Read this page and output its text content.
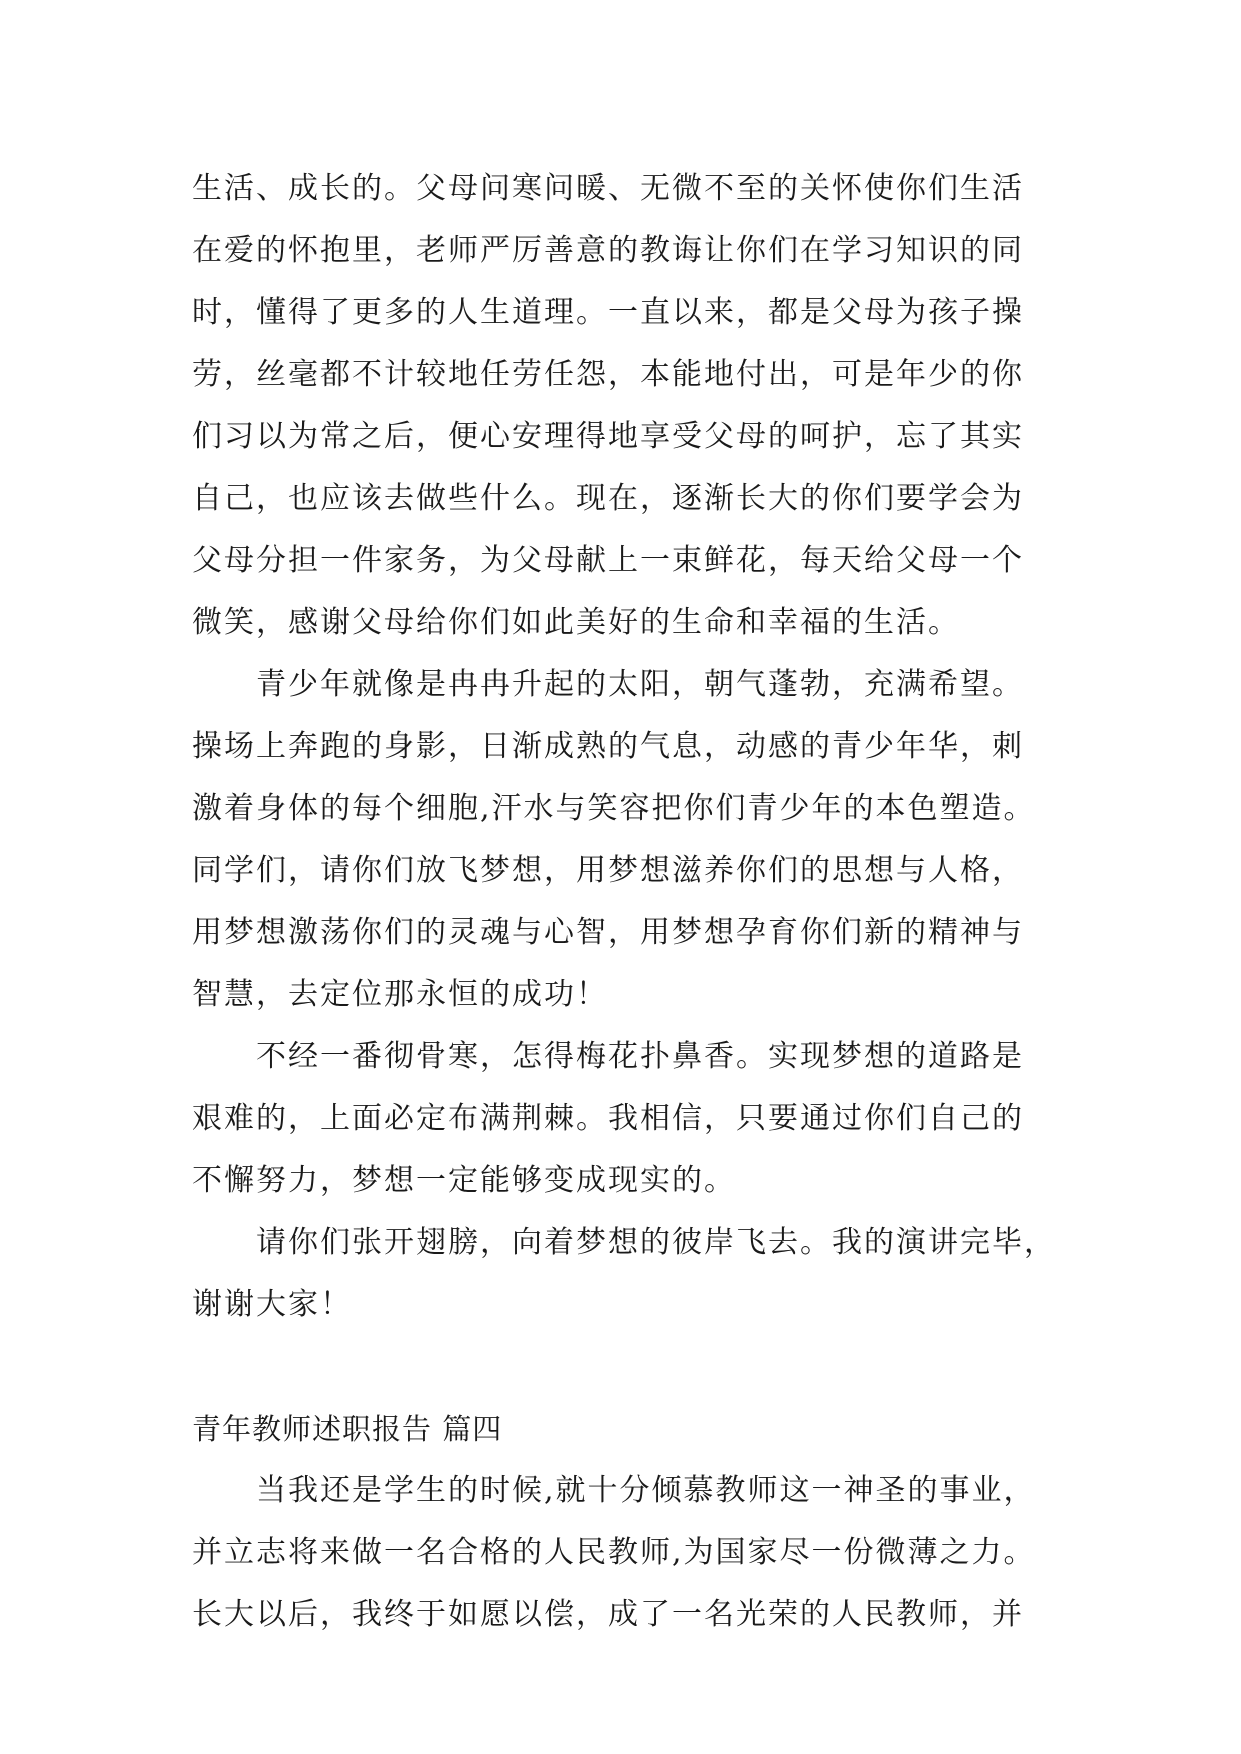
生活、成长的。父母问寒问暖、无微不至的关怀使你们生活
在爱的怀抱里，老师严厉善意的教诲让你们在学习知识的同
时，懂得了更多的人生道理。一直以来，都是父母为孩子操
劳，丝毫都不计较地任劳任怨，本能地付出，可是年少的你
们习以为常之后，便心安理得地享受父母的呵护，忘了其实
自己，也应该去做些什么。现在，逐渐长大的你们要学会为
父母分担一件家务，为父母献上一束鲜花，每天给父母一个
微笑，感谢父母给你们如此美好的生命和幸福的生活。
　　青少年就像是冉冉升起的太阳，朝气蓬勃，充满希望。
操场上奔跑的身影，日渐成熟的气息，动感的青少年华，刺
激着身体的每个细胞,汗水与笑容把你们青少年的本色塑造。
同学们，请你们放飞梦想，用梦想滋养你们的思想与人格，
用梦想激荡你们的灵魂与心智，用梦想孕育你们新的精神与
智慧，去定位那永恒的成功！
　　不经一番彻骨寒，怎得梅花扑鼻香。实现梦想的道路是
艰难的，上面必定布满荆棘。我相信，只要通过你们自己的
不懈努力，梦想一定能够变成现实的。
　　请你们张开翅膀，向着梦想的彼岸飞去。我的演讲完毕，
谢谢大家！
青年教师述职报告 篇四
　　当我还是学生的时候,就十分倾慕教师这一神圣的事业，
并立志将来做一名合格的人民教师,为国家尽一份微薄之力。
长大以后，我终于如愿以偿，成了一名光荣的人民教师，并
